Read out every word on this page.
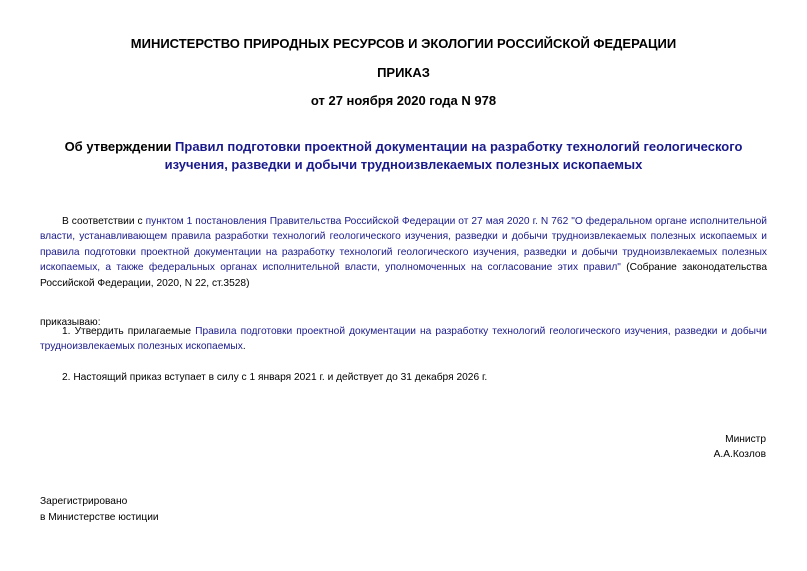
МИНИСТЕРСТВО ПРИРОДНЫХ РЕСУРСОВ И ЭКОЛОГИИ РОССИЙСКОЙ ФЕДЕРАЦИИ

ПРИКАЗ

от 27 ноября 2020 года N 978

Об утверждении Правил подготовки проектной документации на разработку технологий геологического изучения, разведки и добычи трудноизвлекаемых полезных ископаемых

В соответствии с пунктом 1 постановления Правительства Российской Федерации от 27 мая 2020 г. N 762 "О федеральном органе исполнительной власти, устанавливающем правила разработки технологий геологического изучения, разведки и добычи трудноизвлекаемых полезных ископаемых и правила подготовки проектной документации на разработку технологий геологического изучения, разведки и добычи трудноизвлекаемых полезных ископаемых, а также федеральных органах исполнительной власти, уполномоченных на согласование этих правил" (Собрание законодательства Российской Федерации, 2020, N 22, ст.3528)

приказываю:

1. Утвердить прилагаемые Правила подготовки проектной документации на разработку технологий геологического изучения, разведки и добычи трудноизвлекаемых полезных ископаемых.

2. Настоящий приказ вступает в силу с 1 января 2021 г. и действует до 31 декабря 2026 г.

Министр
А.А.Козлов
Зарегистрировано
в Министерстве юстиции
